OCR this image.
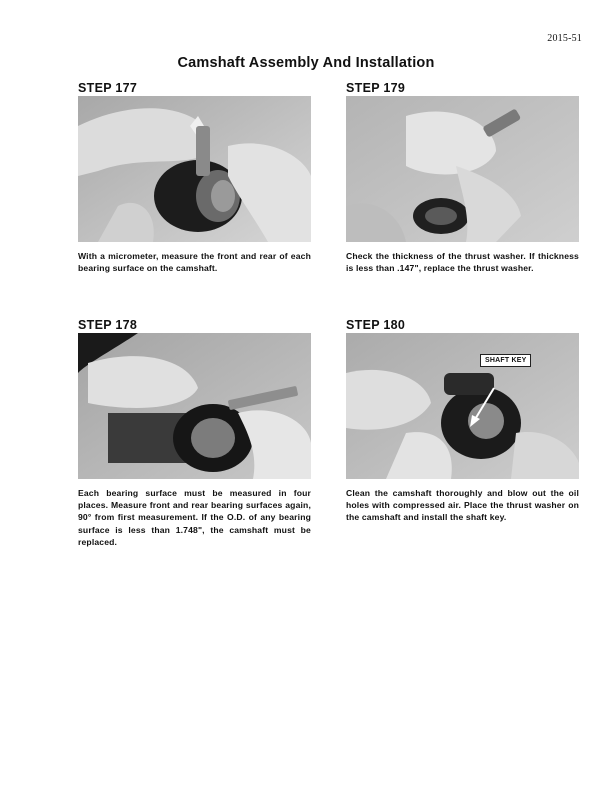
2015-51
Camshaft Assembly And Installation
STEP 177
With a micrometer, measure the front and rear of each bearing surface on the camshaft.
STEP 179
Check the thickness of the thrust washer. If thickness is less than .147", replace the thrust washer.
STEP 178
Each bearing surface must be measured in four places. Measure front and rear bearing surfaces again, 90° from first measurement. If the O.D. of any bearing surface is less than 1.748", the camshaft must be replaced.
STEP 180
SHAFT KEY
Clean the camshaft thoroughly and blow out the oil holes with compressed air. Place the thrust washer on the camshaft and install the shaft key.
